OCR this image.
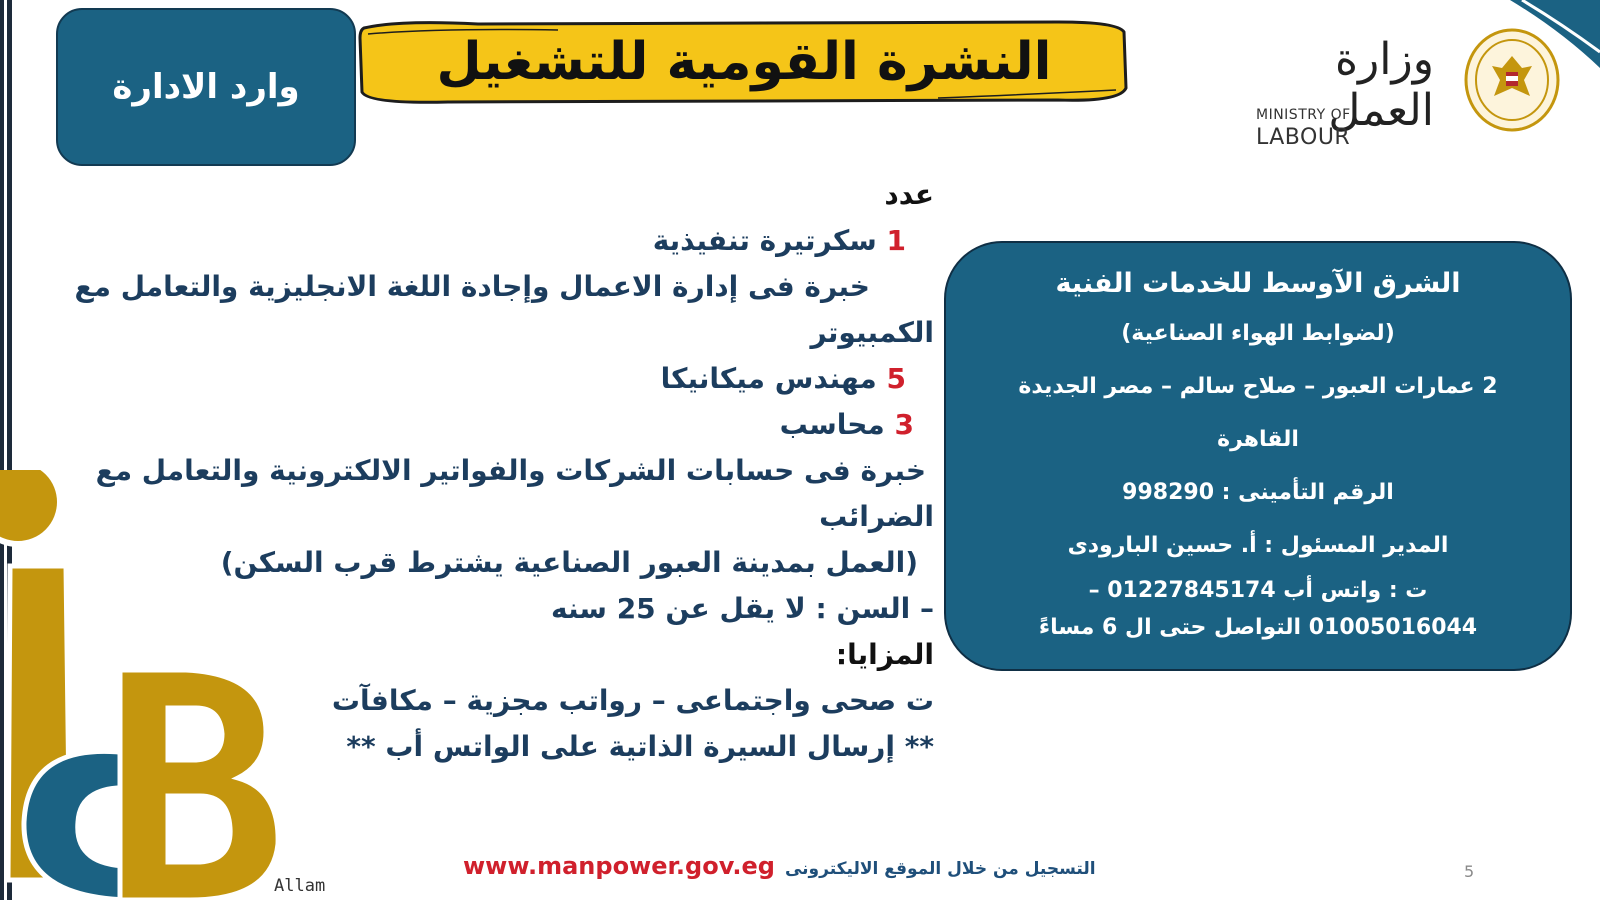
وارد الادارة	النشرة القومية للتشغيل	وزارة العمل
MINISTRY OF LABOUR
عدد
1 سكرتيرة تنفيذية
خبرة فى إدارة الاعمال وإجادة اللغة الانجليزية والتعامل مع
الكمبيوتر
5 مهندس ميكانيكا
3 محاسب
خبرة فى حسابات الشركات والفواتير الالكترونية والتعامل مع
الضرائب
(العمل بمدينة العبور الصناعية يشترط قرب السكن)
– السن : لا يقل عن 25 سنه
المزايا:
ت صحى واجتماعى – رواتب مجزية – مكافآت
** إرسال السيرة الذاتية على الواتس أب **
الشرق الآوسط للخدمات الفنية
(لضوابط الهواء الصناعية)
2 عمارات العبور – صلاح سالم – مصر الجديدة
القاهرة
الرقم التأمينى : 998290
المدير المسئول : أ. حسين البارودى
ت : واتس أب 01227845174 –
01005016044 التواصل حتى ال 6 مساءً
Allam
www.manpower.gov.eg التسجيل من خلال الموقع الاليكترونى	5
